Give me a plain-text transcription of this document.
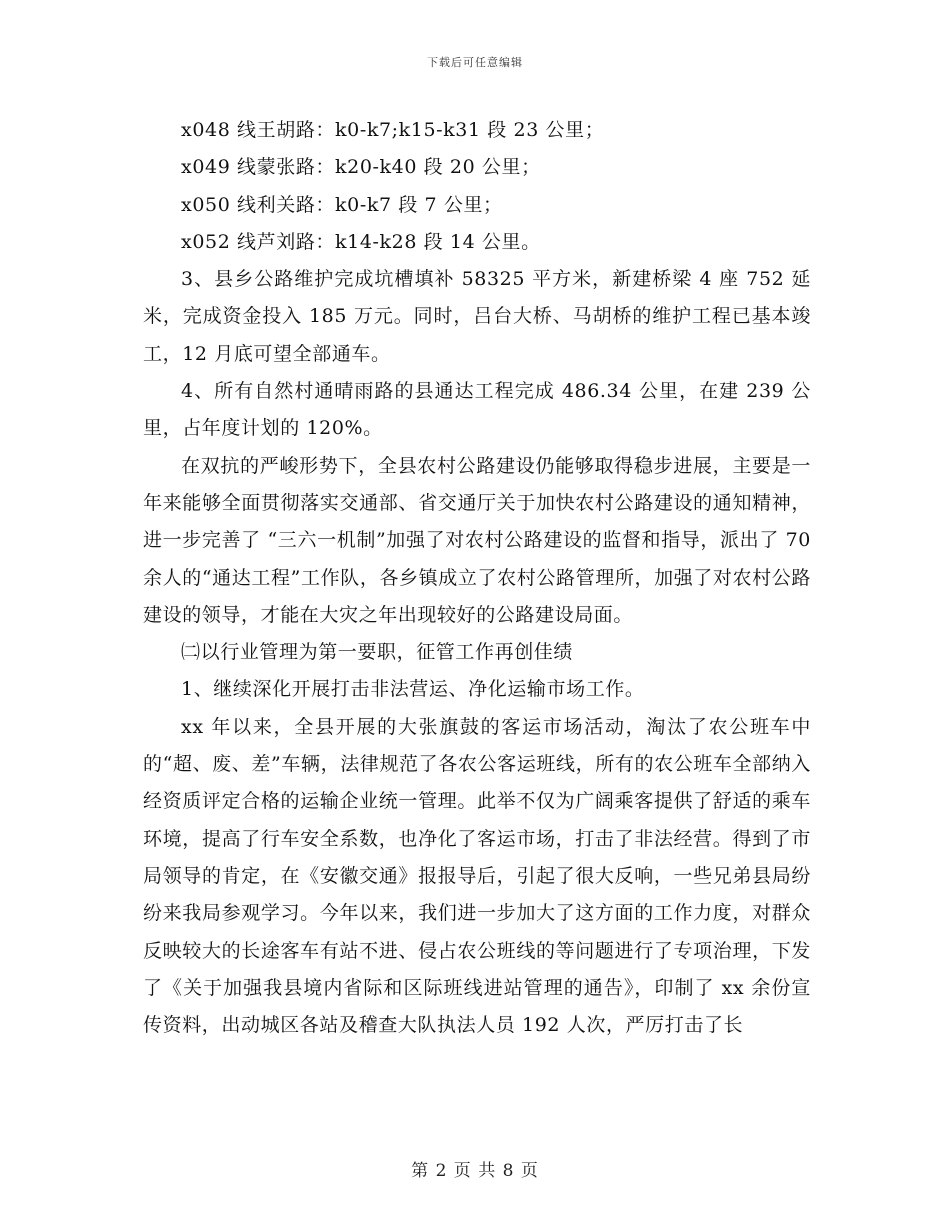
下载后可任意编辑

x048 线王胡路：k0-k7;k15-k31 段 23 公里；

x049 线蒙张路：k20-k40 段 20 公里；

x050 线利关路：k0-k7 段 7 公里；

x052 线芦刘路：k14-k28 段 14 公里。

3、县乡公路维护完成坑槽填补 58325 平方米，新建桥梁 4 座 752 延米，完成资金投入 185 万元。同时，吕台大桥、马胡桥的维护工程已基本竣工，12 月底可望全部通车。

4、所有自然村通晴雨路的县通达工程完成 486.34 公里，在建 239 公里，占年度计划的 120%。

在双抗的严峻形势下，全县农村公路建设仍能够取得稳步进展，主要是一年来能够全面贯彻落实交通部、省交通厅关于加快农村公路建设的通知精神，进一步完善了 “三六一机制”加强了对农村公路建设的监督和指导，派出了 70 余人的“通达工程”工作队，各乡镇成立了农村公路管理所，加强了对农村公路建设的领导，才能在大灾之年出现较好的公路建设局面。

㈡以行业管理为第一要职，征管工作再创佳绩

1、继续深化开展打击非法营运、净化运输市场工作。

xx 年以来，全县开展的大张旗鼓的客运市场活动，淘汰了农公班车中的“超、废、差”车辆，法律规范了各农公客运班线，所有的农公班车全部纳入经资质评定合格的运输企业统一管理。此举不仅为广阔乘客提供了舒适的乘车环境，提高了行车安全系数，也净化了客运市场，打击了非法经营。得到了市局领导的肯定，在《安徽交通》报报导后，引起了很大反响，一些兄弟县局纷纷来我局参观学习。今年以来，我们进一步加大了这方面的工作力度，对群众反映较大的长途客车有站不进、侵占农公班线的等问题进行了专项治理，下发了《关于加强我县境内省际和区际班线进站管理的通告》，印制了 xx 余份宣传资料，出动城区各站及稽查大队执法人员 192 人次，严厉打击了长

第 2 页 共 8 页
